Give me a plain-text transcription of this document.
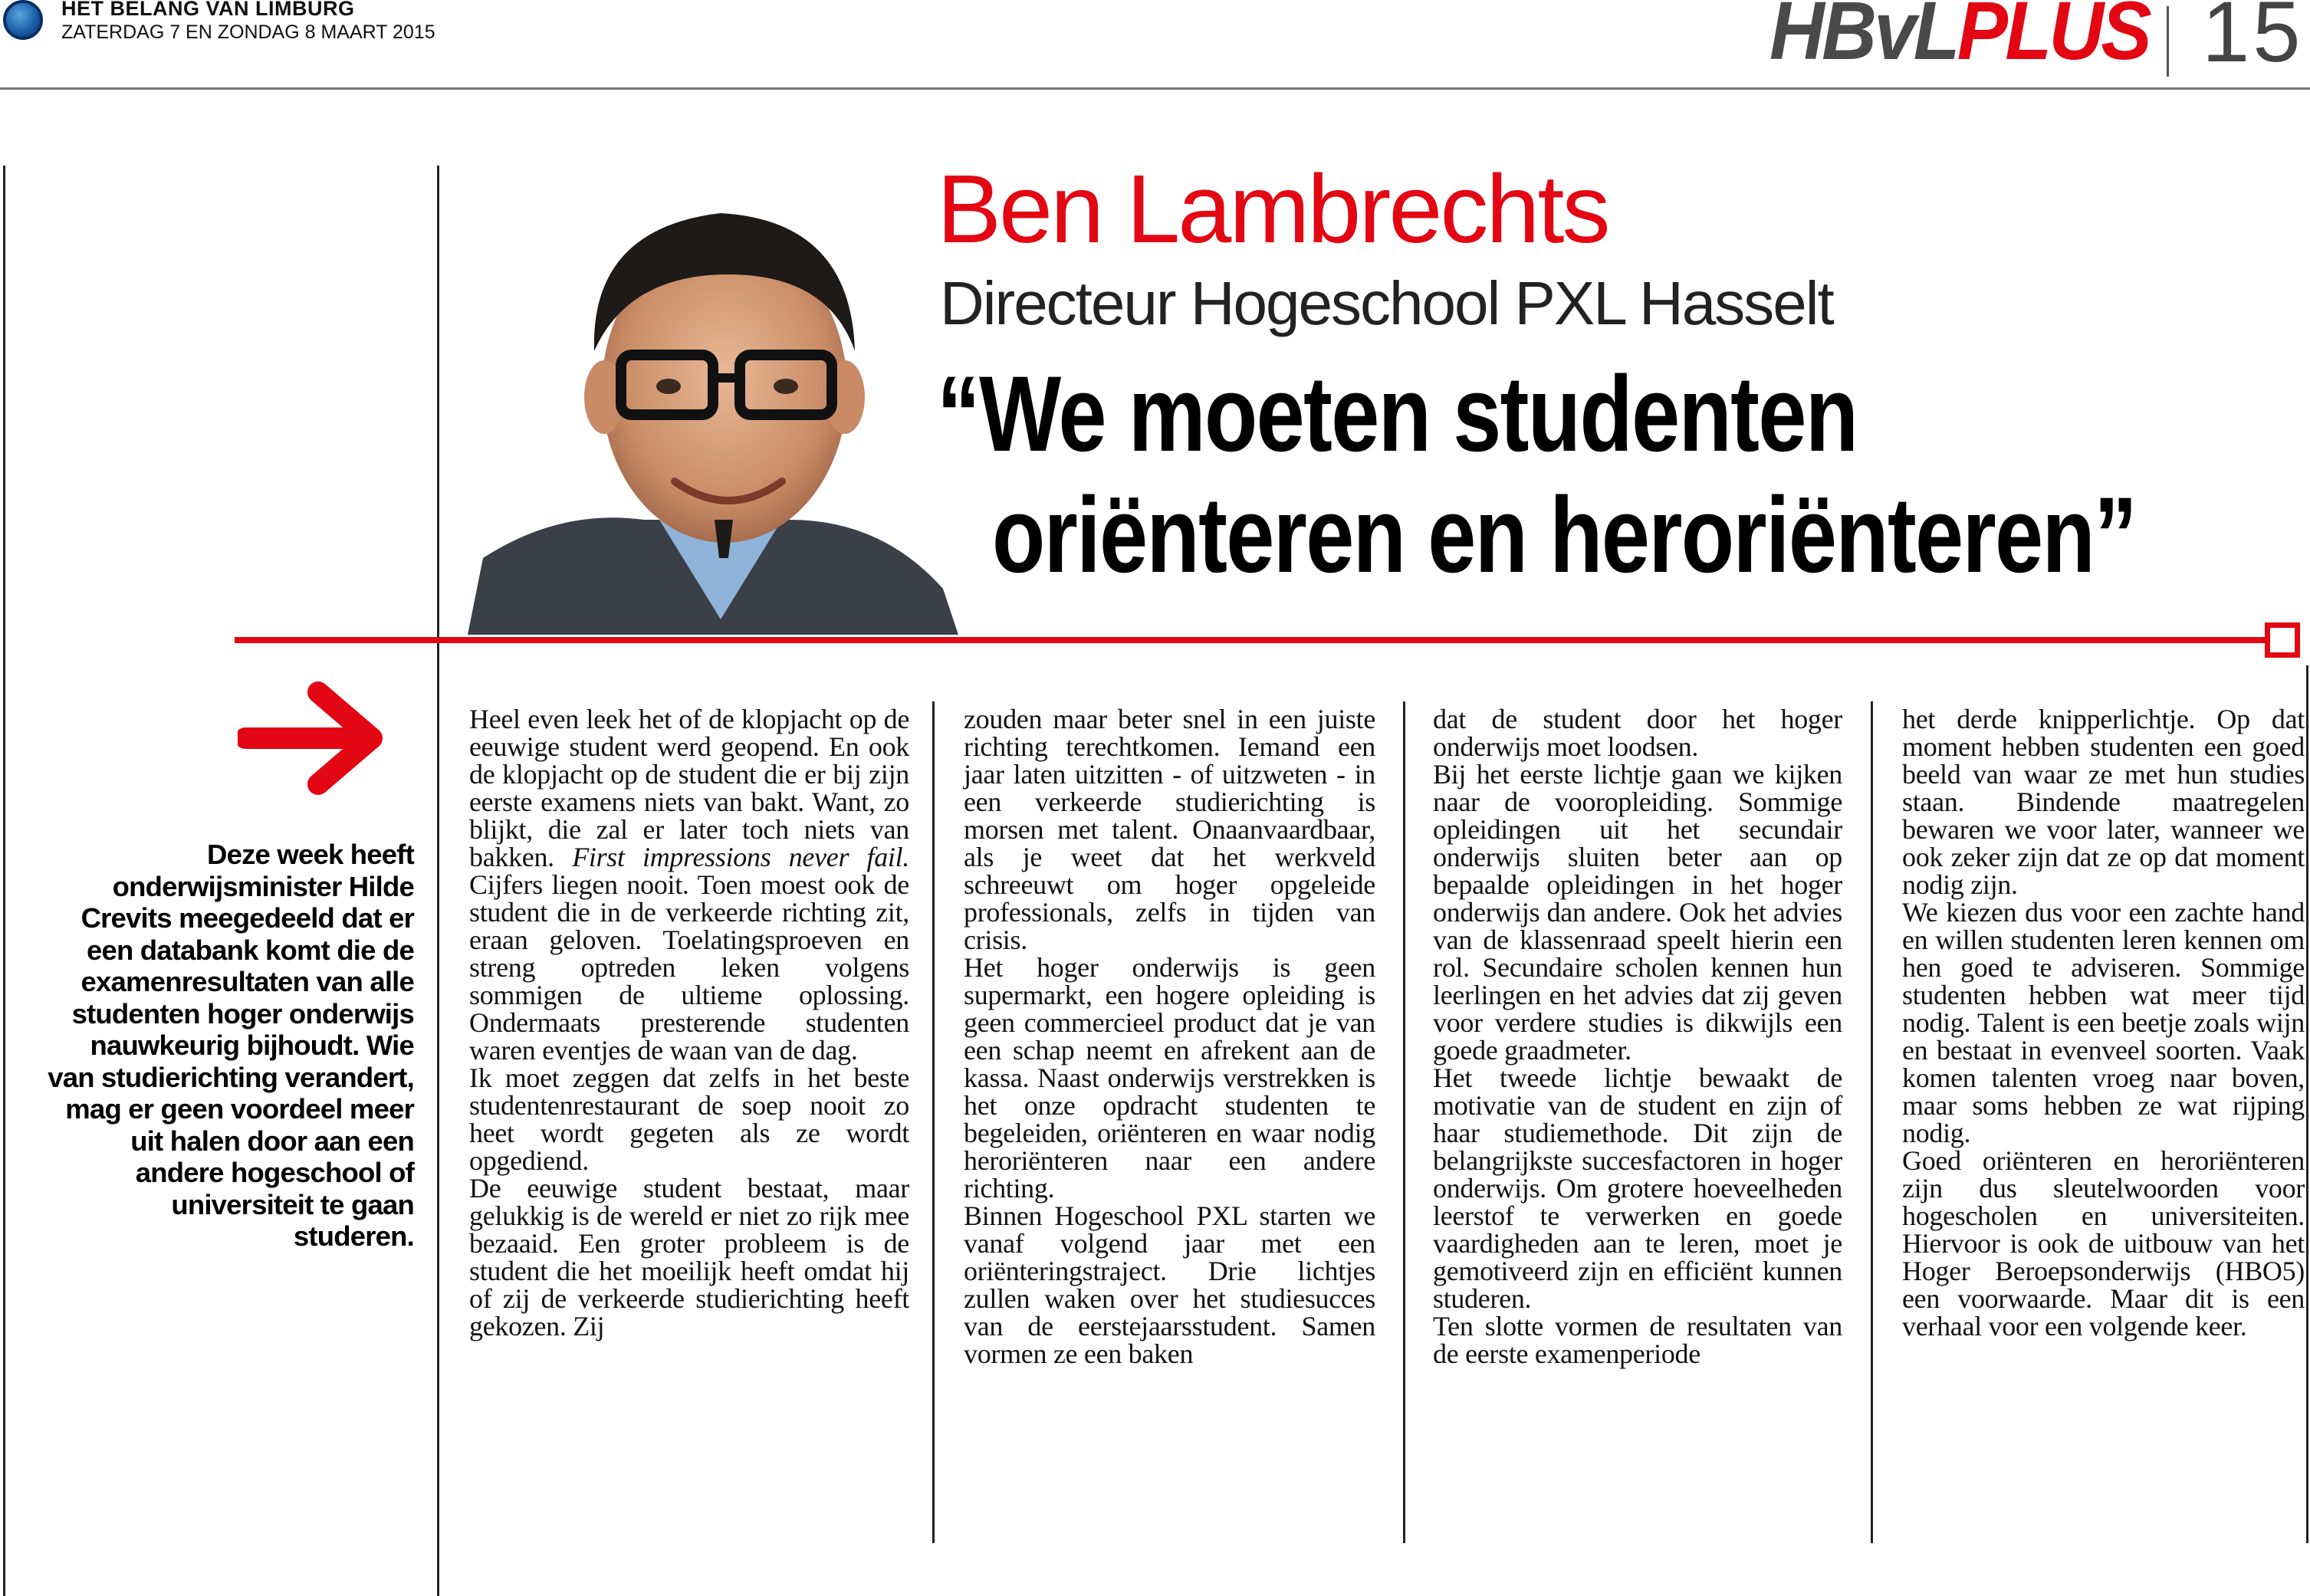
HET BELANG VAN LIMBURG
ZATERDAG 7 EN ZONDAG 8 MAART 2015	HBvLPLUS 15
Ben Lambrechts
Directeur Hogeschool PXL Hasselt
“We moeten studenten
oriënteren en heroriënteren”
Deze week heeft onderwijsminister Hilde Crevits meegedeeld dat er een databank komt die de examenresultaten van alle studenten hoger onderwijs nauwkeurig bijhoudt. Wie van studierichting verandert, mag er geen voordeel meer uit halen door aan een andere hogeschool of universiteit te gaan studeren.

Heel even leek het of de klopjacht op de eeuwige student werd geopend. En ook de klopjacht op de student die er bij zijn eerste examens niets van bakt. Want, zo blijkt, die zal er later toch niets van bakken. First impressions never fail. Cijfers liegen nooit. Toen moest ook de student die in de verkeerde richting zit, eraan geloven. Toelatingsproeven en streng optreden leken volgens sommigen de ultieme oplossing. Ondermaats presterende studenten waren eventjes de waan van de dag.

Ik moet zeggen dat zelfs in het beste studentenrestaurant de soep nooit zo heet wordt gegeten als ze wordt opgediend.

De eeuwige student bestaat, maar gelukkig is de wereld er niet zo rijk mee bezaaid. Een groter probleem is de student die het moeilijk heeft omdat hij of zij de verkeerde studierichting heeft gekozen. Zij

zouden maar beter snel in een juiste richting terechtkomen. Iemand een jaar laten uitzitten - of uitzweten - in een verkeerde studierichting is morsen met talent. Onaanvaardbaar, als je weet dat het werkveld schreeuwt om hoger opgeleide professionals, zelfs in tijden van crisis.

Het hoger onderwijs is geen supermarkt, een hogere opleiding is geen commercieel product dat je van een schap neemt en afrekent aan de kassa. Naast onderwijs verstrekken is het onze opdracht studenten te begeleiden, oriënteren en waar nodig heroriënteren naar een andere richting.

Binnen Hogeschool PXL starten we vanaf volgend jaar met een oriënteringstraject. Drie lichtjes zullen waken over het studiesucces van de eerstejaarsstudent. Samen vormen ze een baken

dat de student door het hoger onderwijs moet loodsen.

Bij het eerste lichtje gaan we kijken naar de vooropleiding. Sommige opleidingen uit het secundair onderwijs sluiten beter aan op bepaalde opleidingen in het hoger onderwijs dan andere. Ook het advies van de klassenraad speelt hierin een rol. Secundaire scholen kennen hun leerlingen en het advies dat zij geven voor verdere studies is dikwijls een goede graadmeter.

Het tweede lichtje bewaakt de motivatie van de student en zijn of haar studiemethode. Dit zijn de belangrijkste succesfactoren in hoger onderwijs. Om grotere hoeveelheden leerstof te verwerken en goede vaardigheden aan te leren, moet je gemotiveerd zijn en efficiënt kunnen studeren.

Ten slotte vormen de resultaten van de eerste examenperiode

het derde knipperlichtje. Op dat moment hebben studenten een goed beeld van waar ze met hun studies staan. Bindende maatregelen bewaren we voor later, wanneer we ook zeker zijn dat ze op dat moment nodig zijn.

We kiezen dus voor een zachte hand en willen studenten leren kennen om hen goed te adviseren. Sommige studenten hebben wat meer tijd nodig. Talent is een beetje zoals wijn en bestaat in evenveel soorten. Vaak komen talenten vroeg naar boven, maar soms hebben ze wat rijping nodig.

Goed oriënteren en heroriënteren zijn dus sleutelwoorden voor hogescholen en universiteiten. Hiervoor is ook de uitbouw van het Hoger Beroepsonderwijs (HBO5) een voorwaarde. Maar dit is een verhaal voor een volgende keer.
